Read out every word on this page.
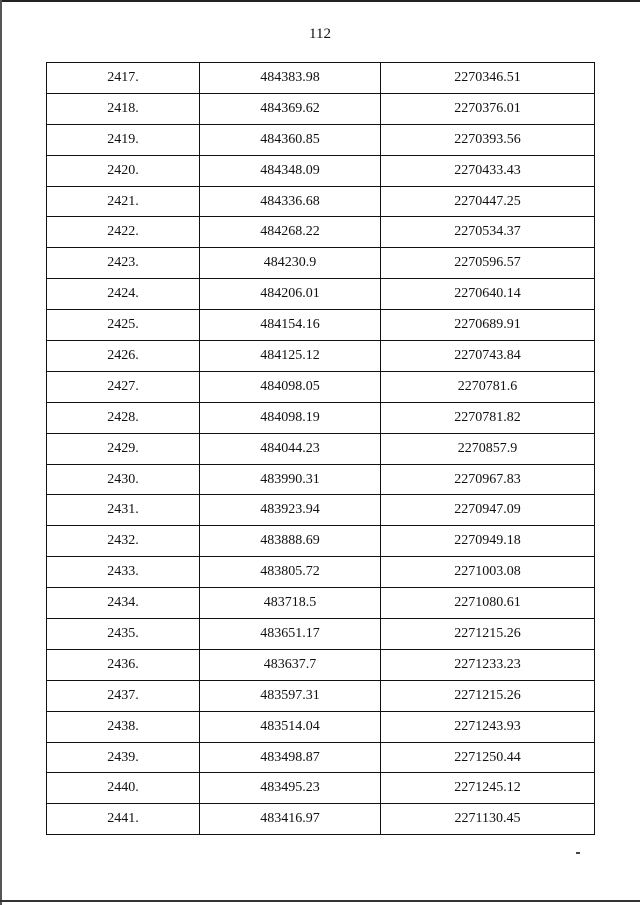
112
2417.	484383.98	2270346.51
2418.	484369.62	2270376.01
2419.	484360.85	2270393.56
2420.	484348.09	2270433.43
2421.	484336.68	2270447.25
2422.	484268.22	2270534.37
2423.	484230.9	2270596.57
2424.	484206.01	2270640.14
2425.	484154.16	2270689.91
2426.	484125.12	2270743.84
2427.	484098.05	2270781.6
2428.	484098.19	2270781.82
2429.	484044.23	2270857.9
2430.	483990.31	2270967.83
2431.	483923.94	2270947.09
2432.	483888.69	2270949.18
2433.	483805.72	2271003.08
2434.	483718.5	2271080.61
2435.	483651.17	2271215.26
2436.	483637.7	2271233.23
2437.	483597.31	2271215.26
2438.	483514.04	2271243.93
2439.	483498.87	2271250.44
2440.	483495.23	2271245.12
2441.	483416.97	2271130.45
